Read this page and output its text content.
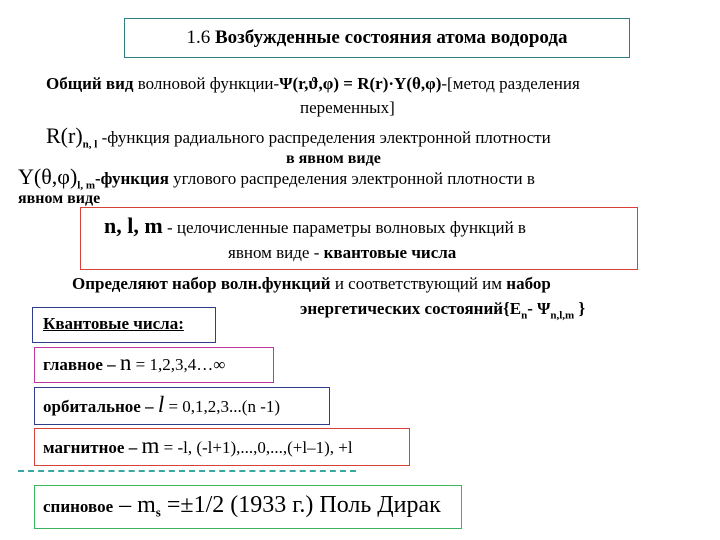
1.6 Возбужденные состояния атома водорода
Общий вид волновой функции-Ψ(r,ϑ,φ) = R(r)·Y(θ,φ)-[метод разделения
переменных]
$R(r)_{n, l}$ -функция радиального распределения электронной плотности
в явном виде
$Y(\theta,\varphi)_{l, m}$-функция углового распределения электронной плотности в
явном виде
n, l, m - целочисленные параметры волновых функций в
явном виде - квантовые числа
Определяют набор волн.функций и соответствующий им набор
энергетических $состояний\{E_n-$ $\Psi_{n,l,m}$ }
Квантовые числа:
главное – n = 1,2,3,4…∞
орбитальное – l = 0,1,2,3...(n -1)
магнитное – m = -l, (-l+1),...,0,...,(+l–1), +l
спиновое – $m_s =\pm 1/2$ (1933 г.) Поль Дирак
